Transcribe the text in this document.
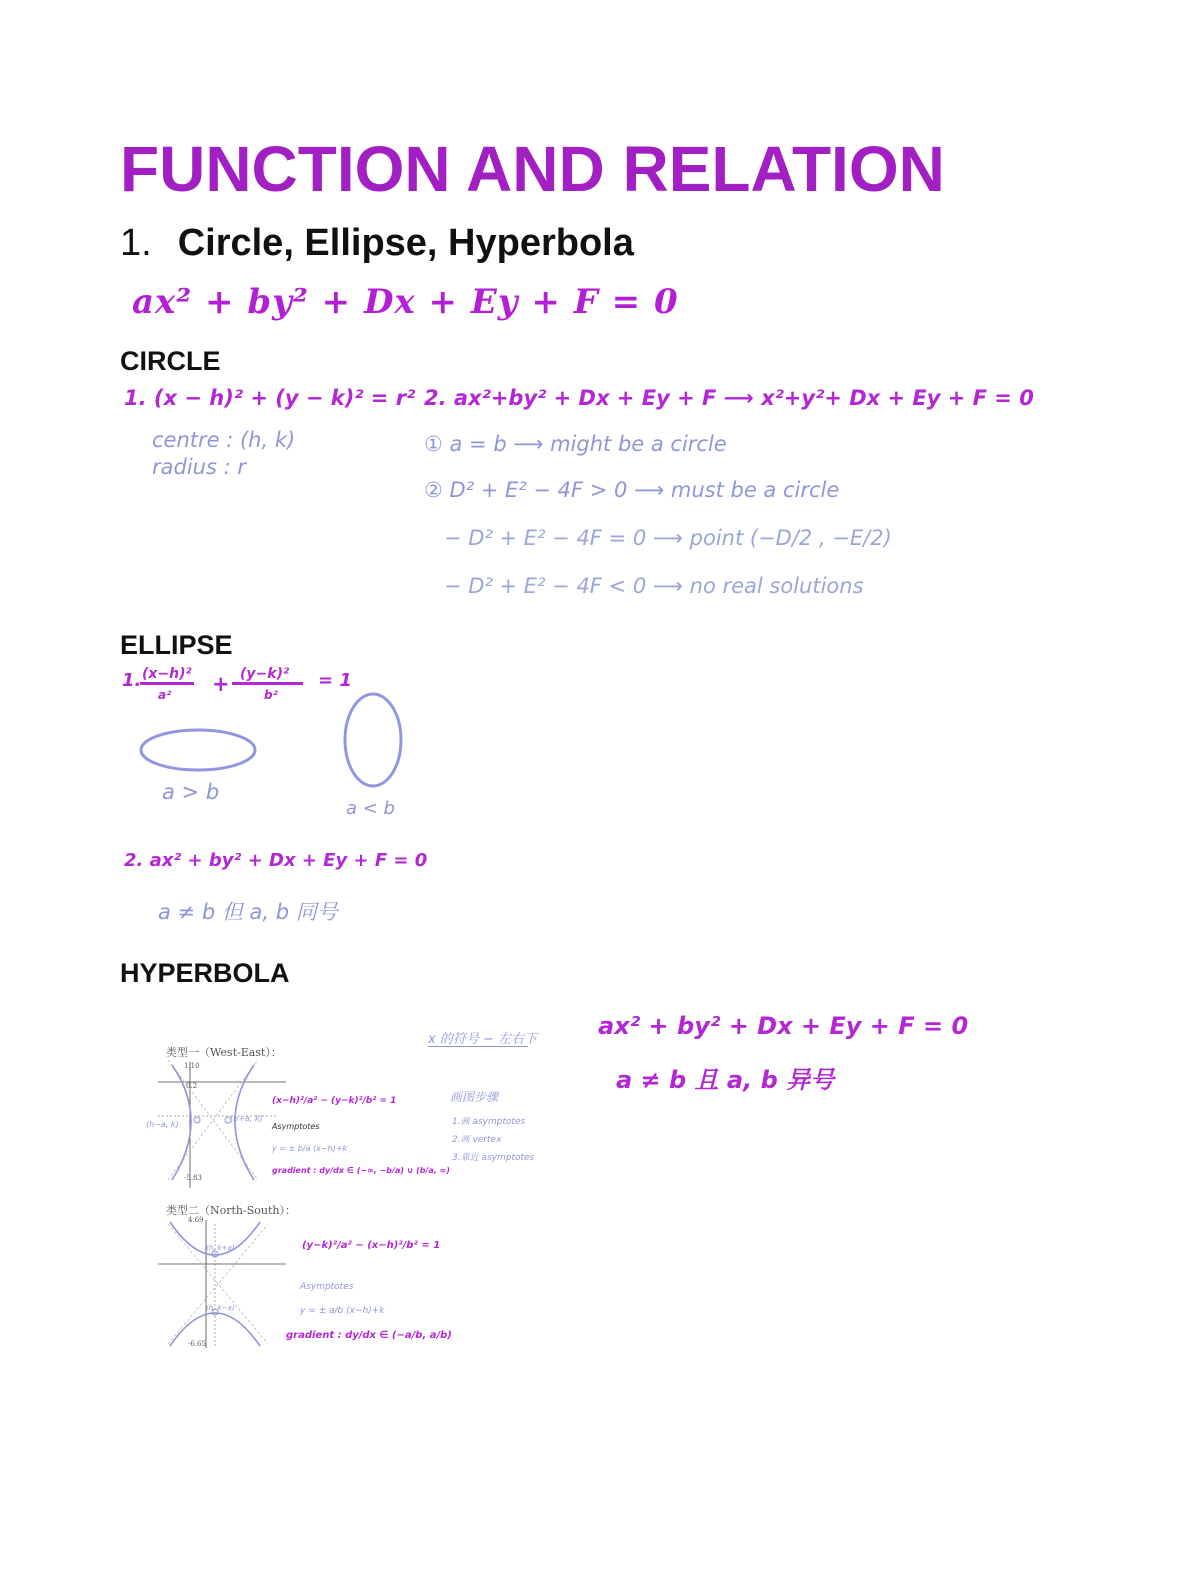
FUNCTION AND RELATION
1. Circle, Ellipse, Hyperbola
ax² + by² + Dx + Ey + F = 0
CIRCLE
1. (x − h)² + (y − k)² = r²
centre : (h, k)
radius : r
2. ax²+by² + Dx + Ey + F ⟶ x²+y²+ Dx + Ey + F = 0
① a = b ⟶ might be a circle
② D² + E² − 4F > 0 ⟶ must be a circle
− D² + E² − 4F = 0 ⟶ point (−D/2 , −E/2)
− D² + E² − 4F < 0 ⟶ no real solutions
ELLIPSE
1. (x−h)²
a² + (y−k)²
b²
= 1
a > b
a < b
2. ax² + by² + Dx + Ey + F = 0
a ≠ b 但 a, b 同号
HYPERBOLA
x 的符号 − 左右下
画图步骤
1.画 asymptotes
2.画 vertex
3.靠近 asymptotes
ax² + by² + Dx + Ey + F = 0
a ≠ b 且 a, b 异号
类型一（West-East）：
1.10
0.2
-5.83
(h−a, k)
(h+a, k)
(x−h)²/a² − (y−k)²/b² = 1
Asymptotes
y = ± b/a (x−h)+k
gradient : dy/dx ∈ (−∞, −b/a) ∪ (b/a, ∞)
类型二（North-South）：
4.69
-6.65
(h, k+a)
(h, k−a)
(y−k)²/a² − (x−h)²/b² = 1
Asymptotes
y = ± a/b (x−h)+k
gradient : dy/dx ∈ (−a/b, a/b)
